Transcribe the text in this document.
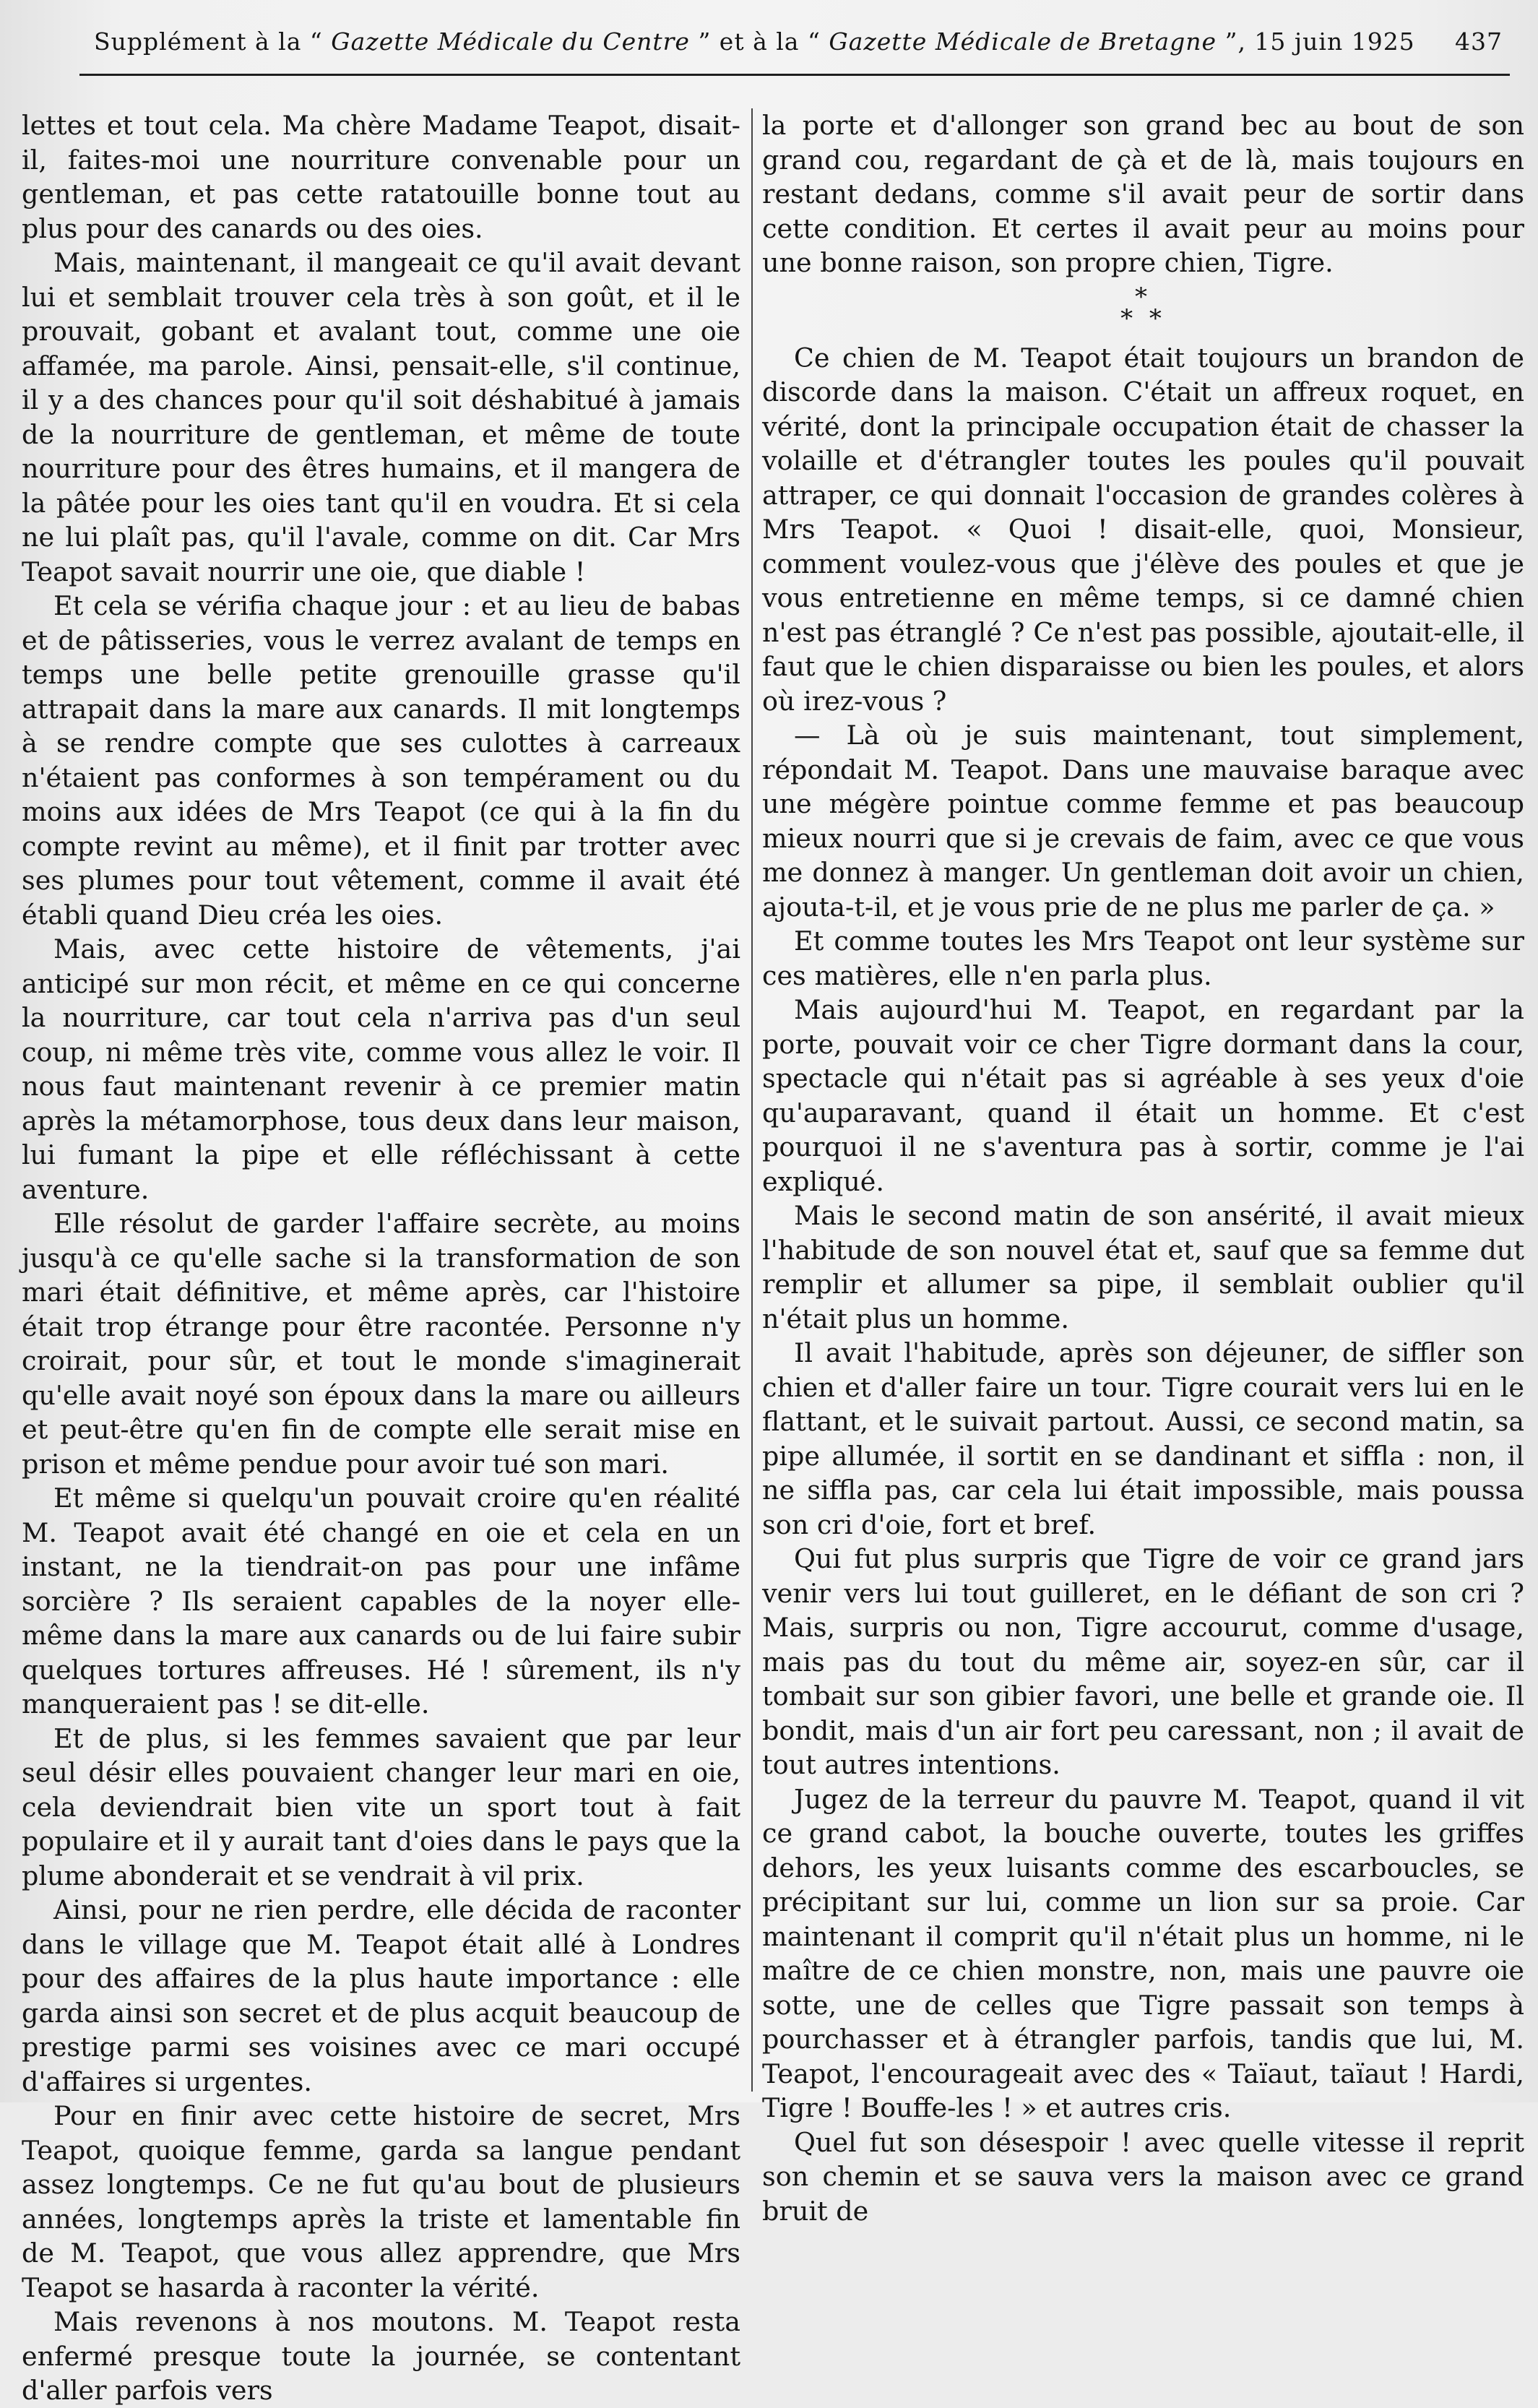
Supplément à la “ Gazette Médicale du Centre ” et à la “ Gazette Médicale de Bretagne ”, 15 juin 1925	437

lettes et tout cela. Ma chère Madame Teapot, disait-il, faites-moi une nourriture convenable pour un gentleman, et pas cette ratatouille bonne tout au plus pour des canards ou des oies.

Mais, maintenant, il mangeait ce qu'il avait devant lui et semblait trouver cela très à son goût, et il le prouvait, gobant et avalant tout, comme une oie affamée, ma parole. Ainsi, pensait-elle, s'il continue, il y a des chances pour qu'il soit déshabitué à jamais de la nourriture de gentleman, et même de toute nourriture pour des êtres humains, et il mangera de la pâtée pour les oies tant qu'il en voudra. Et si cela ne lui plaît pas, qu'il l'avale, comme on dit. Car Mrs Teapot savait nourrir une oie, que diable !

Et cela se vérifia chaque jour : et au lieu de babas et de pâtisseries, vous le verrez avalant de temps en temps une belle petite grenouille grasse qu'il attrapait dans la mare aux canards. Il mit longtemps à se rendre compte que ses culottes à carreaux n'étaient pas conformes à son tempérament ou du moins aux idées de Mrs Teapot (ce qui à la fin du compte revint au même), et il finit par trotter avec ses plumes pour tout vêtement, comme il avait été établi quand Dieu créa les oies.

Mais, avec cette histoire de vêtements, j'ai anticipé sur mon récit, et même en ce qui concerne la nourriture, car tout cela n'arriva pas d'un seul coup, ni même très vite, comme vous allez le voir. Il nous faut maintenant revenir à ce premier matin après la métamorphose, tous deux dans leur maison, lui fumant la pipe et elle réfléchissant à cette aventure.

Elle résolut de garder l'affaire secrète, au moins jusqu'à ce qu'elle sache si la transformation de son mari était définitive, et même après, car l'histoire était trop étrange pour être racontée. Personne n'y croirait, pour sûr, et tout le monde s'imaginerait qu'elle avait noyé son époux dans la mare ou ailleurs et peut-être qu'en fin de compte elle serait mise en prison et même pendue pour avoir tué son mari.

Et même si quelqu'un pouvait croire qu'en réalité M. Teapot avait été changé en oie et cela en un instant, ne la tiendrait-on pas pour une infâme sorcière ? Ils seraient capables de la noyer elle-même dans la mare aux canards ou de lui faire subir quelques tortures affreuses. Hé ! sûrement, ils n'y manqueraient pas ! se dit-elle.

Et de plus, si les femmes savaient que par leur seul désir elles pouvaient changer leur mari en oie, cela deviendrait bien vite un sport tout à fait populaire et il y aurait tant d'oies dans le pays que la plume abonderait et se vendrait à vil prix.

Ainsi, pour ne rien perdre, elle décida de raconter dans le village que M. Teapot était allé à Londres pour des affaires de la plus haute importance : elle garda ainsi son secret et de plus acquit beaucoup de prestige parmi ses voisines avec ce mari occupé d'affaires si urgentes.

Pour en finir avec cette histoire de secret, Mrs Teapot, quoique femme, garda sa langue pendant assez longtemps. Ce ne fut qu'au bout de plusieurs années, longtemps après la triste et lamentable fin de M. Teapot, que vous allez apprendre, que Mrs Teapot se hasarda à raconter la vérité.

Mais revenons à nos moutons. M. Teapot resta enfermé presque toute la journée, se contentant d'aller parfois vers

la porte et d'allonger son grand bec au bout de son grand cou, regardant de çà et de là, mais toujours en restant dedans, comme s'il avait peur de sortir dans cette condition. Et certes il avait peur au moins pour une bonne raison, son propre chien, Tigre.

*
* *

Ce chien de M. Teapot était toujours un brandon de discorde dans la maison. C'était un affreux roquet, en vérité, dont la principale occupation était de chasser la volaille et d'étrangler toutes les poules qu'il pouvait attraper, ce qui donnait l'occasion de grandes colères à Mrs Teapot. « Quoi ! disait-elle, quoi, Monsieur, comment voulez-vous que j'élève des poules et que je vous entretienne en même temps, si ce damné chien n'est pas étranglé ? Ce n'est pas possible, ajoutait-elle, il faut que le chien disparaisse ou bien les poules, et alors où irez-vous ?

— Là où je suis maintenant, tout simplement, répondait M. Teapot. Dans une mauvaise baraque avec une mégère pointue comme femme et pas beaucoup mieux nourri que si je crevais de faim, avec ce que vous me donnez à manger. Un gentleman doit avoir un chien, ajouta-t-il, et je vous prie de ne plus me parler de ça. »

Et comme toutes les Mrs Teapot ont leur système sur ces matières, elle n'en parla plus.

Mais aujourd'hui M. Teapot, en regardant par la porte, pouvait voir ce cher Tigre dormant dans la cour, spectacle qui n'était pas si agréable à ses yeux d'oie qu'auparavant, quand il était un homme. Et c'est pourquoi il ne s'aventura pas à sortir, comme je l'ai expliqué.

Mais le second matin de son ansérité, il avait mieux l'habitude de son nouvel état et, sauf que sa femme dut remplir et allumer sa pipe, il semblait oublier qu'il n'était plus un homme.

Il avait l'habitude, après son déjeuner, de siffler son chien et d'aller faire un tour. Tigre courait vers lui en le flattant, et le suivait partout. Aussi, ce second matin, sa pipe allumée, il sortit en se dandinant et siffla : non, il ne siffla pas, car cela lui était impossible, mais poussa son cri d'oie, fort et bref.

Qui fut plus surpris que Tigre de voir ce grand jars venir vers lui tout guilleret, en le défiant de son cri ? Mais, surpris ou non, Tigre accourut, comme d'usage, mais pas du tout du même air, soyez-en sûr, car il tombait sur son gibier favori, une belle et grande oie. Il bondit, mais d'un air fort peu caressant, non ; il avait de tout autres intentions.

Jugez de la terreur du pauvre M. Teapot, quand il vit ce grand cabot, la bouche ouverte, toutes les griffes dehors, les yeux luisants comme des escarboucles, se précipitant sur lui, comme un lion sur sa proie. Car maintenant il comprit qu'il n'était plus un homme, ni le maître de ce chien monstre, non, mais une pauvre oie sotte, une de celles que Tigre passait son temps à pourchasser et à étrangler parfois, tandis que lui, M. Teapot, l'encourageait avec des « Taïaut, taïaut ! Hardi, Tigre ! Bouffe-les ! » et autres cris.

Quel fut son désespoir ! avec quelle vitesse il reprit son chemin et se sauva vers la maison avec ce grand bruit de
